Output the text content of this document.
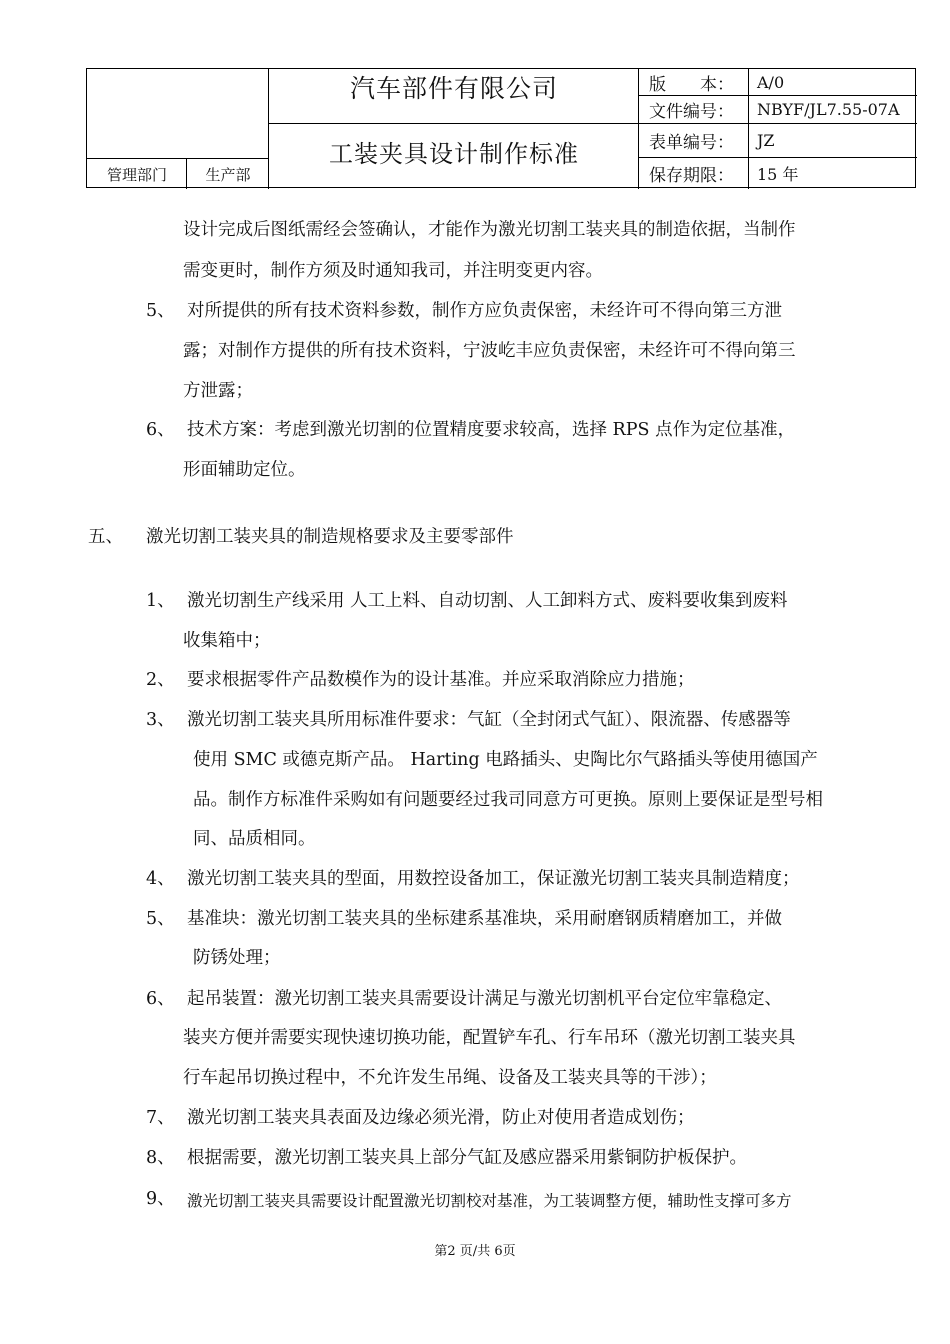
汽车部件有限公司
工装夹具设计制作标准
管理部门	生产部
版　　本：	A/0
文件编号：	NBYF/JL7.55-07A
表单编号：	JZ
保存期限：	15 年
设计完成后图纸需经会签确认，才能作为激光切割工装夹具的制造依据，当制作
需变更时，制作方须及时通知我司，并注明变更内容。
5、 对所提供的所有技术资料参数，制作方应负责保密，未经许可不得向第三方泄
露；对制作方提供的所有技术资料，宁波屹丰应负责保密，未经许可不得向第三
方泄露；
6、 技术方案：考虑到激光切割的位置精度要求较高，选择 RPS 点作为定位基准，
形面辅助定位。
五、 激光切割工装夹具的制造规格要求及主要零部件
1、 激光切割生产线采用 人工上料、自动切割、人工卸料方式、废料要收集到废料
收集箱中；
2、 要求根据零件产品数模作为的设计基准。并应采取消除应力措施；
3、 激光切割工装夹具所用标准件要求：气缸（全封闭式气缸）、限流器、传感器等
使用 SMC 或德克斯产品。 Harting 电路插头、史陶比尔气路插头等使用德国产
品。制作方标准件采购如有问题要经过我司同意方可更换。原则上要保证是型号相
同、品质相同。
4、 激光切割工装夹具的型面，用数控设备加工，保证激光切割工装夹具制造精度；
5、 基准块：激光切割工装夹具的坐标建系基准块，采用耐磨钢质精磨加工，并做
防锈处理；
6、 起吊装置：激光切割工装夹具需要设计满足与激光切割机平台定位牢靠稳定、
装夹方便并需要实现快速切换功能，配置铲车孔、行车吊环（激光切割工装夹具
行车起吊切换过程中，不允许发生吊绳、设备及工装夹具等的干涉）；
7、 激光切割工装夹具表面及边缘必须光滑，防止对使用者造成划伤；
8、 根据需要，激光切割工装夹具上部分气缸及感应器采用紫铜防护板保护。
9、 激光切割工装夹具需要设计配置激光切割校对基准，为工装调整方便，辅助性支撑可多方
第2 页/共 6页
